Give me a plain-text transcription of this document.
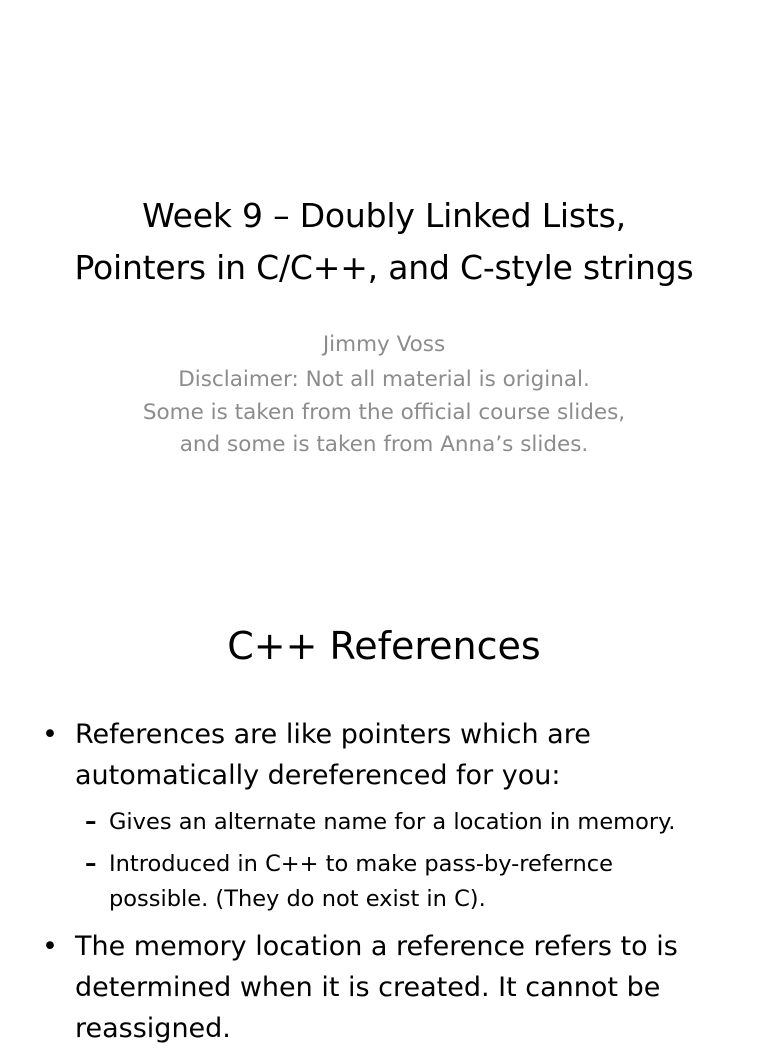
Week 9 – Doubly Linked Lists,
Pointers in C/C++, and C-style strings
Jimmy Voss
Disclaimer: Not all material is original.
Some is taken from the official course slides,
and some is taken from Anna’s slides.
C++ References
• References are like pointers which are
automatically dereferenced for you:
– Gives an alternate name for a location in memory.
– Introduced in C++ to make pass-by-refernce
possible. (They do not exist in C).
• The memory location a reference refers to is
determined when it is created. It cannot be
reassigned.
